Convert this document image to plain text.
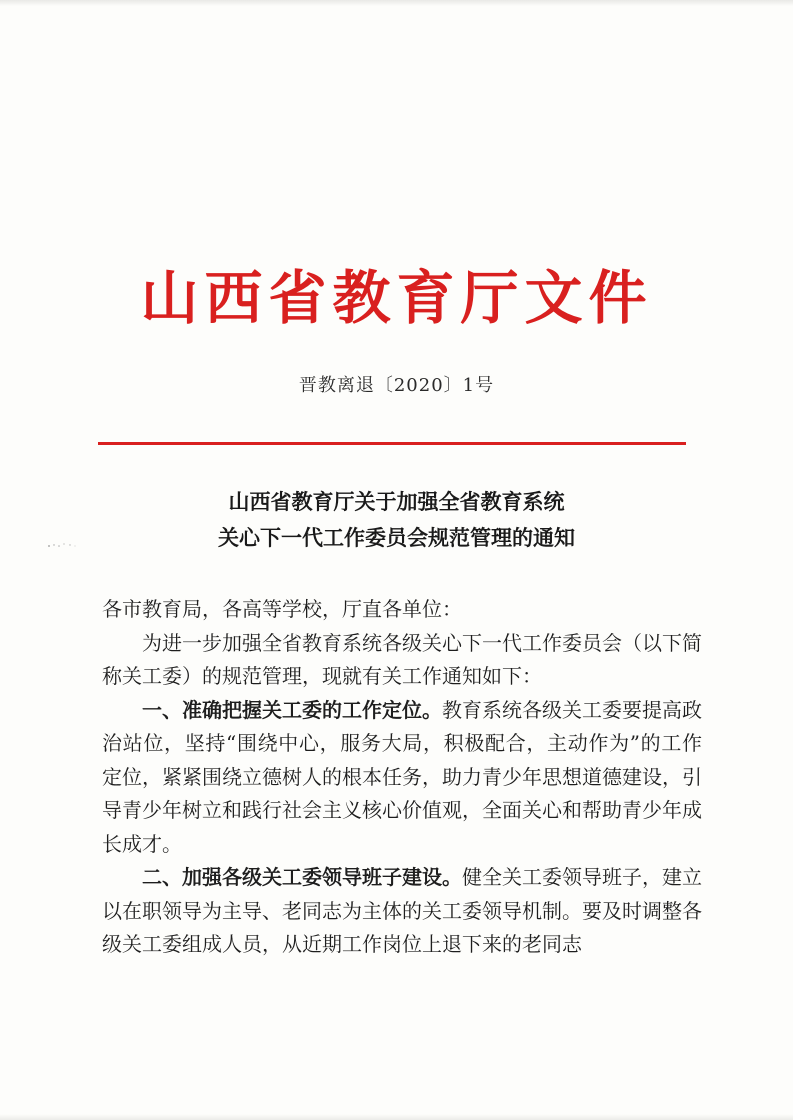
山西省教育厅文件
晋教离退〔2020〕1号
山西省教育厅关于加强全省教育系统
关心下一代工作委员会规范管理的通知

各市教育局，各高等学校，厅直各单位：

为进一步加强全省教育系统各级关心下一代工作委员会（以下简称关工委）的规范管理，现就有关工作通知如下：

一、准确把握关工委的工作定位。教育系统各级关工委要提高政治站位，坚持“围绕中心，服务大局，积极配合，主动作为”的工作定位，紧紧围绕立德树人的根本任务，助力青少年思想道德建设，引导青少年树立和践行社会主义核心价值观，全面关心和帮助青少年成长成才。

二、加强各级关工委领导班子建设。健全关工委领导班子，建立以在职领导为主导、老同志为主体的关工委领导机制。要及时调整各级关工委组成人员，从近期工作岗位上退下来的老同志
